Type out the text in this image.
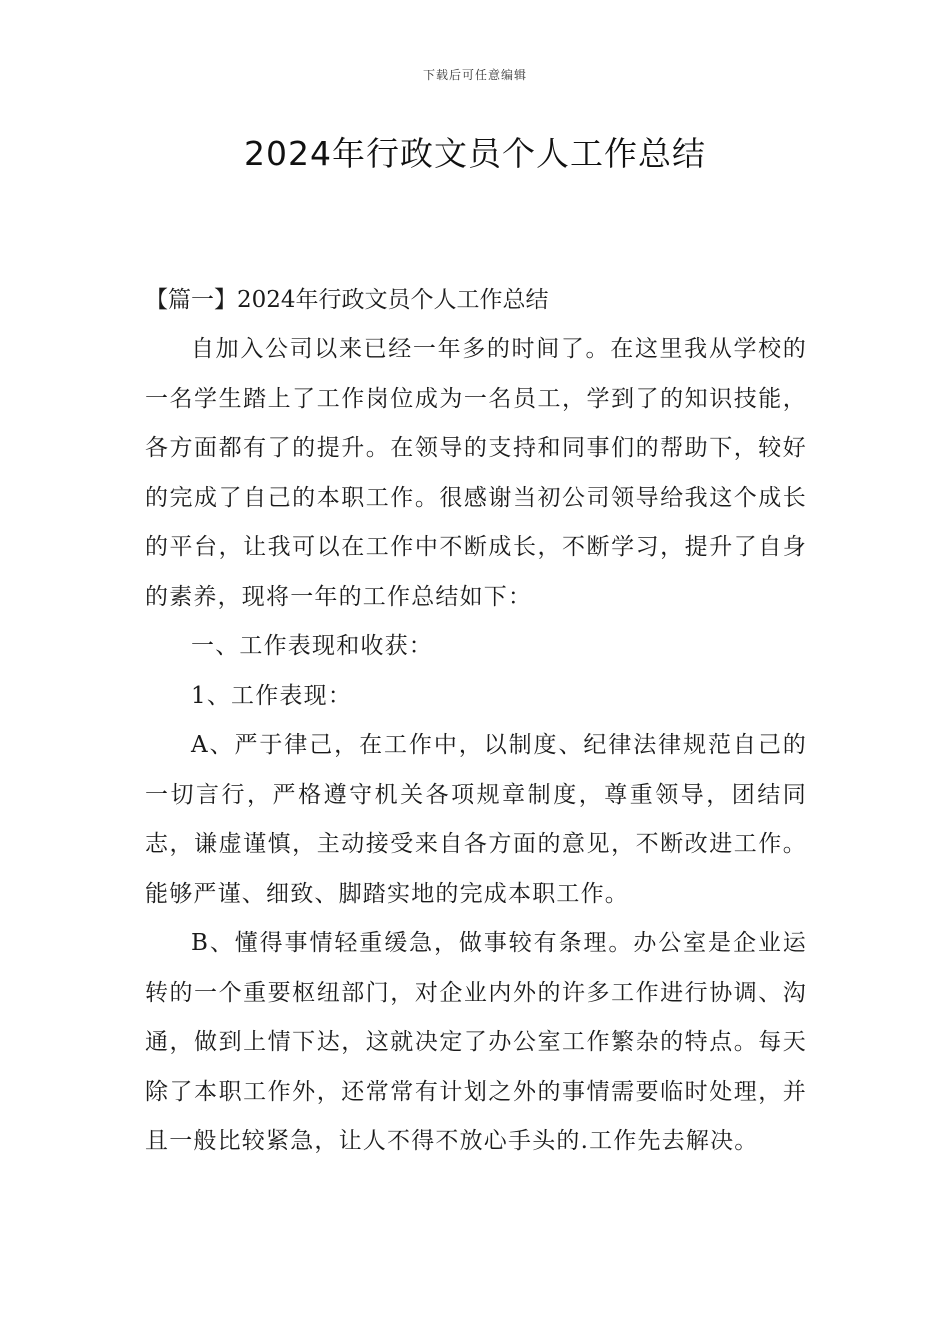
下载后可任意编辑
2024年行政文员个人工作总结

【篇一】2024年行政文员个人工作总结

自加入公司以来已经一年多的时间了。在这里我从学校的一名学生踏上了工作岗位成为一名员工，学到了的知识技能，各方面都有了的提升。在领导的支持和同事们的帮助下，较好的完成了自己的本职工作。很感谢当初公司领导给我这个成长的平台，让我可以在工作中不断成长，不断学习，提升了自身的素养，现将一年的工作总结如下：

一、工作表现和收获：

1、工作表现：

A、严于律己，在工作中，以制度、纪律法律规范自己的一切言行，严格遵守机关各项规章制度，尊重领导，团结同志，谦虚谨慎，主动接受来自各方面的意见，不断改进工作。能够严谨、细致、脚踏实地的完成本职工作。

B、懂得事情轻重缓急，做事较有条理。办公室是企业运转的一个重要枢纽部门，对企业内外的许多工作进行协调、沟通，做到上情下达，这就决定了办公室工作繁杂的特点。每天除了本职工作外，还常常有计划之外的事情需要临时处理，并且一般比较紧急，让人不得不放心手头的.工作先去解决。
